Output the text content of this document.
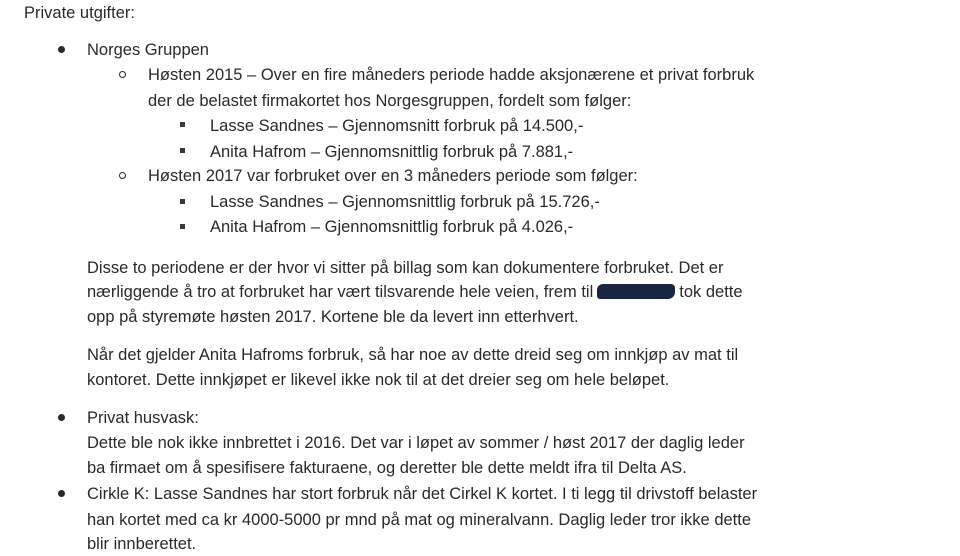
Private utgifter:
Norges Gruppen
Høsten 2015 – Over en fire måneders periode hadde aksjonærene et privat forbruk
der de belastet firmakortet hos Norgesgruppen, fordelt som følger:
Lasse Sandnes – Gjennomsnitt forbruk på 14.500,-
Anita Hafrom – Gjennomsnittlig forbruk på 7.881,-
Høsten 2017 var forbruket over en 3 måneders periode som følger:
Lasse Sandnes – Gjennomsnittlig forbruk på 15.726,-
Anita Hafrom – Gjennomsnittlig forbruk på 4.026,-
Disse to periodene er der hvor vi sitter på billag som kan dokumentere forbruket. Det er
nærliggende å tro at forbruket har vært tilsvarende hele veien, frem til	tok dette
opp på styremøte høsten 2017. Kortene ble da levert inn etterhvert.
Når det gjelder Anita Hafroms forbruk, så har noe av dette dreid seg om innkjøp av mat til
kontoret. Dette innkjøpet er likevel ikke nok til at det dreier seg om hele beløpet.
Privat husvask:
Dette ble nok ikke innbrettet i 2016. Det var i løpet av sommer / høst 2017 der daglig leder
ba firmaet om å spesifisere fakturaene, og deretter ble dette meldt ifra til Delta AS.
Cirkle K: Lasse Sandnes har stort forbruk når det Cirkel K kortet. I ti legg til drivstoff belaster
han kortet med ca kr 4000-5000 pr mnd på mat og mineralvann. Daglig leder tror ikke dette
blir innberettet.
